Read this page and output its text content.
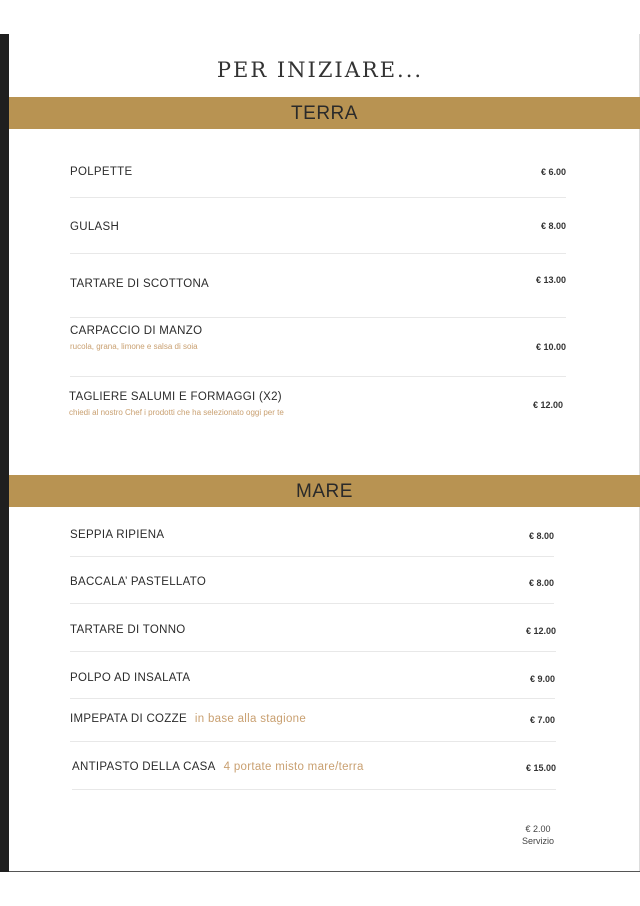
PER INIZIARE...
TERRA
POLPETTE	€ 6.00
GULASH	€ 8.00
TARTARE DI SCOTTONA	€ 13.00
CARPACCIO DI MANZO
rucola, grana, limone e salsa di soia	€ 10.00
TAGLIERE SALUMI E FORMAGGI (X2)
chiedi al nostro Chef i prodotti che ha selezionato oggi per te
€ 12.00
MARE
SEPPIA RIPIENA	€ 8.00
BACCALA’ PASTELLATO	€ 8.00
TARTARE DI TONNO	€ 12.00
POLPO AD INSALATA	€ 9.00
IMPEPATA DI COZZE in base alla stagione	€ 7.00
ANTIPASTO DELLA CASA 4 portate misto mare/terra	€ 15.00
€ 2.00
Servizio
